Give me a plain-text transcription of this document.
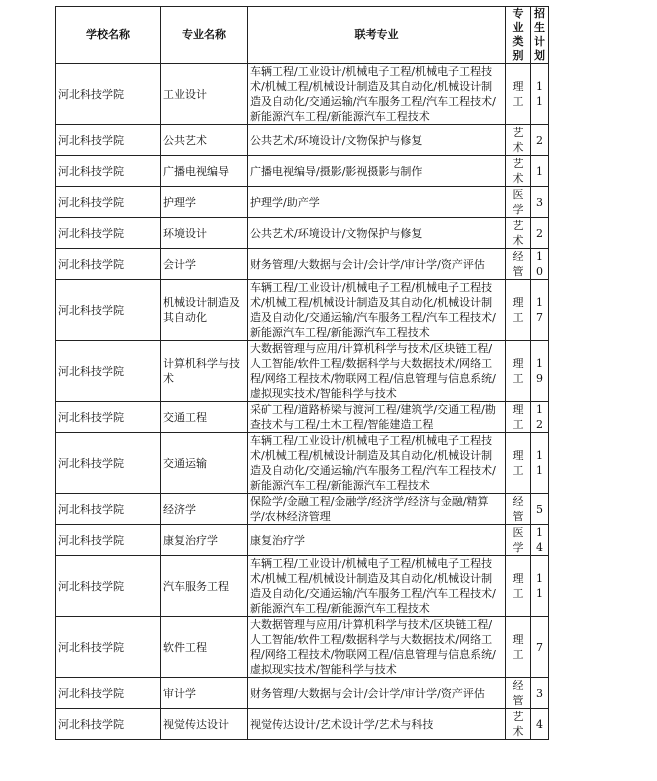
学校名称	专业名称	联考专业	专业类别	招生计划
河北科技学院	工业设计	车辆工程/工业设计/机械电子工程/机械电子工程技术/机械工程/机械设计制造及其自动化/机械设计制造及自动化/交通运输/汽车服务工程/汽车工程技术/新能源汽车工程/新能源汽车工程技术	理工	11
河北科技学院	公共艺术	公共艺术/环境设计/文物保护与修复	艺术	2
河北科技学院	广播电视编导	广播电视编导/摄影/影视摄影与制作	艺术	1
河北科技学院	护理学	护理学/助产学	医学	3
河北科技学院	环境设计	公共艺术/环境设计/文物保护与修复	艺术	2
河北科技学院	会计学	财务管理/大数据与会计/会计学/审计学/资产评估	经管	10
河北科技学院	机械设计制造及其自动化	车辆工程/工业设计/机械电子工程/机械电子工程技术/机械工程/机械设计制造及其自动化/机械设计制造及自动化/交通运输/汽车服务工程/汽车工程技术/新能源汽车工程/新能源汽车工程技术	理工	17
河北科技学院	计算机科学与技术	大数据管理与应用/计算机科学与技术/区块链工程/人工智能/软件工程/数据科学与大数据技术/网络工程/网络工程技术/物联网工程/信息管理与信息系统/虚拟现实技术/智能科学与技术	理工	19
河北科技学院	交通工程	采矿工程/道路桥梁与渡河工程/建筑学/交通工程/勘查技术与工程/土木工程/智能建造工程	理工	12
河北科技学院	交通运输	车辆工程/工业设计/机械电子工程/机械电子工程技术/机械工程/机械设计制造及其自动化/机械设计制造及自动化/交通运输/汽车服务工程/汽车工程技术/新能源汽车工程/新能源汽车工程技术	理工	11
河北科技学院	经济学	保险学/金融工程/金融学/经济学/经济与金融/精算学/农林经济管理	经管	5
河北科技学院	康复治疗学	康复治疗学	医学	14
河北科技学院	汽车服务工程	车辆工程/工业设计/机械电子工程/机械电子工程技术/机械工程/机械设计制造及其自动化/机械设计制造及自动化/交通运输/汽车服务工程/汽车工程技术/新能源汽车工程/新能源汽车工程技术	理工	11
河北科技学院	软件工程	大数据管理与应用/计算机科学与技术/区块链工程/人工智能/软件工程/数据科学与大数据技术/网络工程/网络工程技术/物联网工程/信息管理与信息系统/虚拟现实技术/智能科学与技术	理工	7
河北科技学院	审计学	财务管理/大数据与会计/会计学/审计学/资产评估	经管	3
河北科技学院	视觉传达设计	视觉传达设计/艺术设计学/艺术与科技	艺术	4
